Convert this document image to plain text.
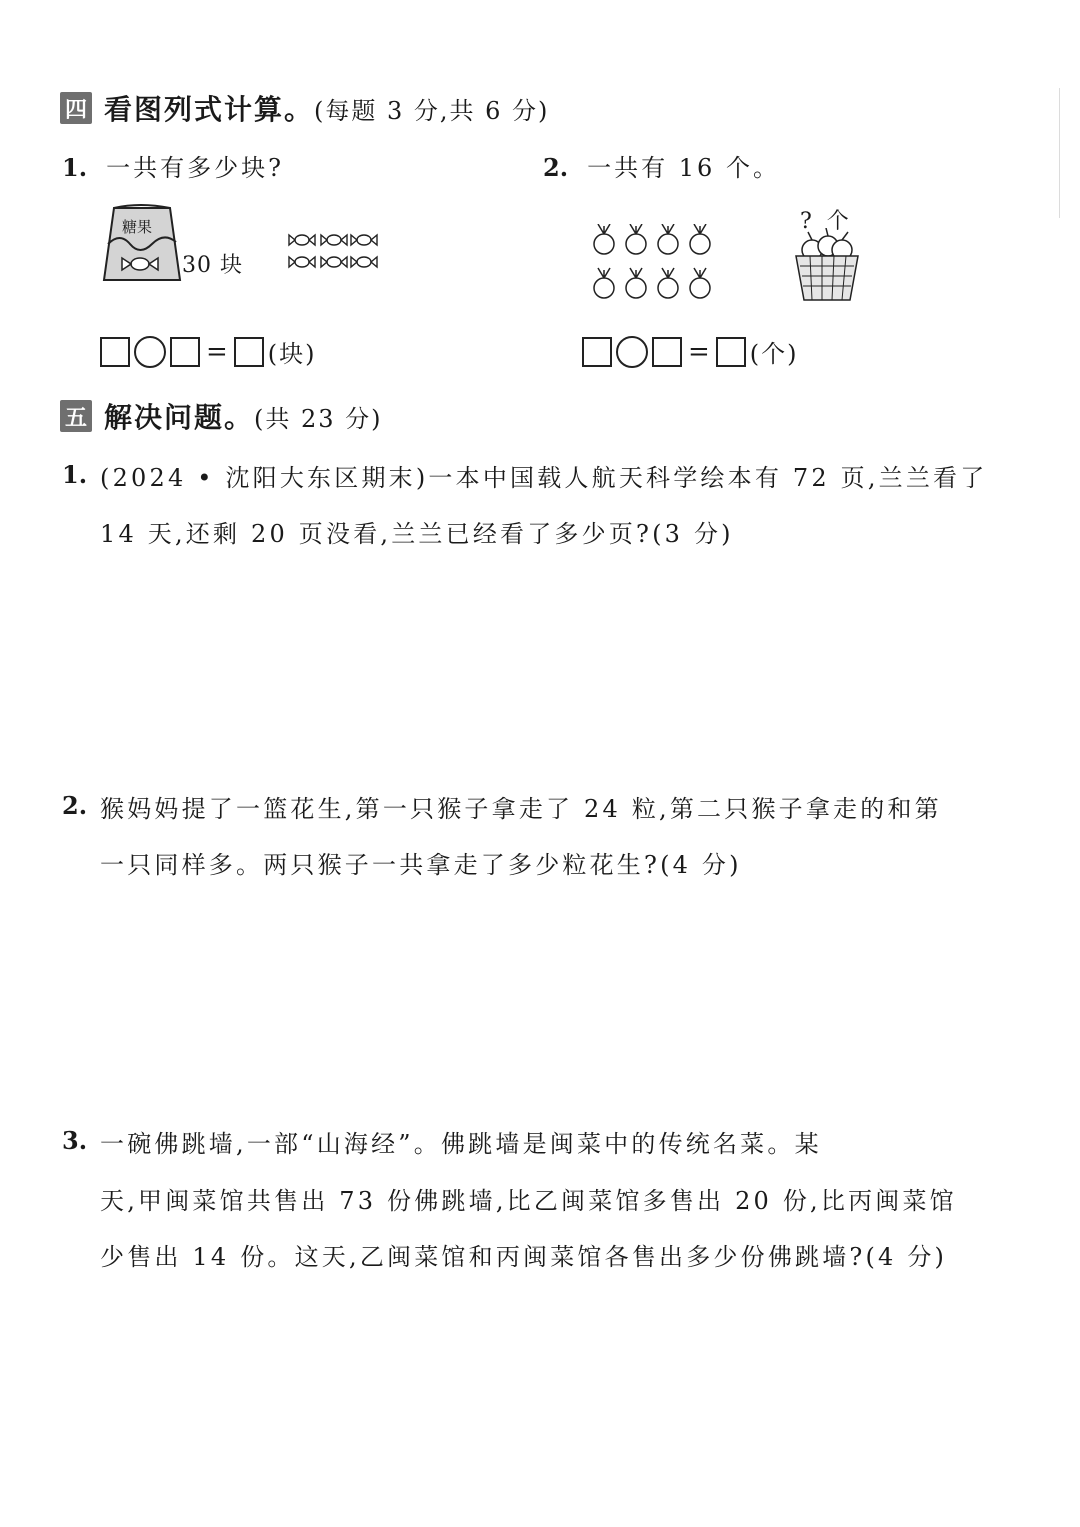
四 看图列式计算。 (每题 3 分,共 6 分)
1. 一共有多少块?
糖果
30 块
= (块)
2. 一共有 16 个。
? 个
= (个)
五 解决问题。 (共 23 分)
1. (2024 • 沈阳大东区期末)一本中国载人航天科学绘本有 72 页,兰兰看了
14 天,还剩 20 页没看,兰兰已经看了多少页?(3 分)
2. 猴妈妈提了一篮花生,第一只猴子拿走了 24 粒,第二只猴子拿走的和第
一只同样多。两只猴子一共拿走了多少粒花生?(4 分)
3. 一碗佛跳墙,一部“山海经”。佛跳墙是闽菜中的传统名菜。某
天,甲闽菜馆共售出 73 份佛跳墙,比乙闽菜馆多售出 20 份,比丙闽菜馆
少售出 14 份。这天,乙闽菜馆和丙闽菜馆各售出多少份佛跳墙?(4 分)
